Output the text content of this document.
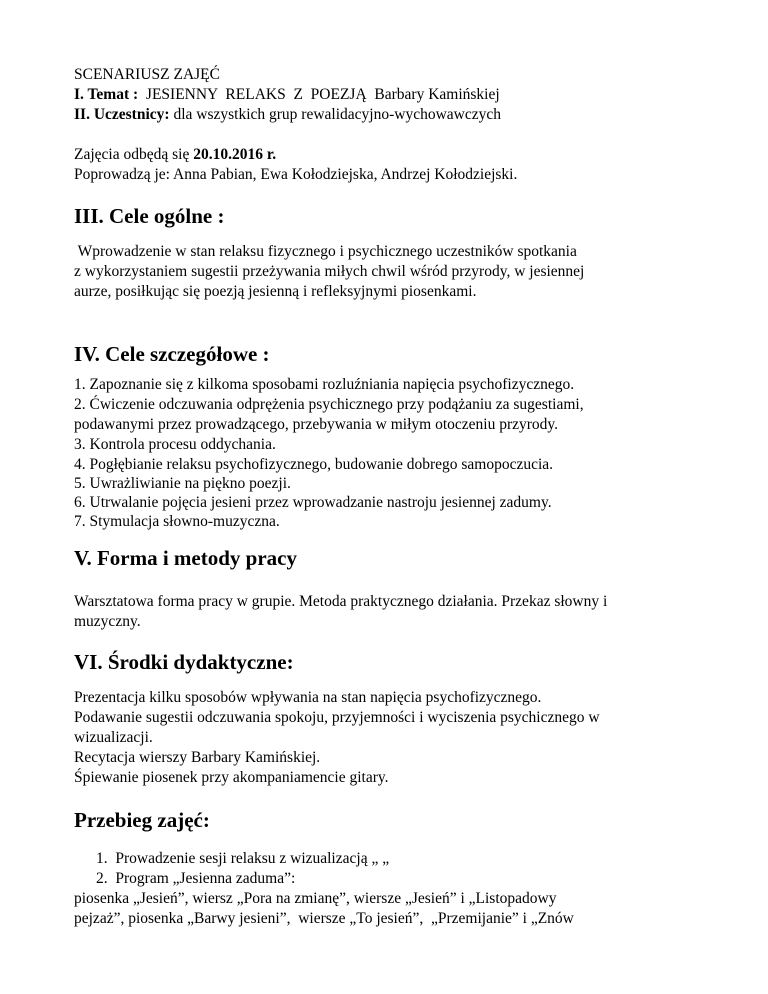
SCENARIUSZ ZAJĘĆ
I. Temat :  JESIENNY  RELAKS  Z  POEZJĄ  Barbary Kamińskiej
II. Uczestnicy: dla wszystkich grup rewalidacyjno-wychowawczych
Zajęcia odbędą się 20.10.2016 r.
Poprowadzą je: Anna Pabian, Ewa Kołodziejska, Andrzej Kołodziejski.
III. Cele ogólne :
Wprowadzenie w stan relaksu fizycznego i psychicznego uczestników spotkania
z wykorzystaniem sugestii przeżywania miłych chwil wśród przyrody, w jesiennej
aurze, posiłkując się poezją jesienną i refleksyjnymi piosenkami.
IV. Cele szczegółowe :
1. Zapoznanie się z kilkoma sposobami rozluźniania napięcia psychofizycznego.
2. Ćwiczenie odczuwania odprężenia psychicznego przy podążaniu za sugestiami,
podawanymi przez prowadzącego, przebywania w miłym otoczeniu przyrody.
3. Kontrola procesu oddychania.
4. Pogłębianie relaksu psychofizycznego, budowanie dobrego samopoczucia.
5. Uwrażliwianie na piękno poezji.
6. Utrwalanie pojęcia jesieni przez wprowadzanie nastroju jesiennej zadumy.
7. Stymulacja słowno-muzyczna.
V. Forma i metody pracy
Warsztatowa forma pracy w grupie. Metoda praktycznego działania. Przekaz słowny i
muzyczny.
VI. Środki dydaktyczne:
Prezentacja kilku sposobów wpływania na stan napięcia psychofizycznego.
Podawanie sugestii odczuwania spokoju, przyjemności i wyciszenia psychicznego w
wizualizacji.
Recytacja wierszy Barbary Kamińskiej.
Śpiewanie piosenek przy akompaniamencie gitary.
Przebieg zajęć:
1.  Prowadzenie sesji relaksu z wizualizacją „ „
2.  Program „Jesienna zaduma”:
piosenka „Jesień”, wiersz „Pora na zmianę”, wiersze „Jesień” i „Listopadowy
pejzaż”, piosenka „Barwy jesieni”,  wiersze „To jesień”,  „Przemijanie” i „Znów
